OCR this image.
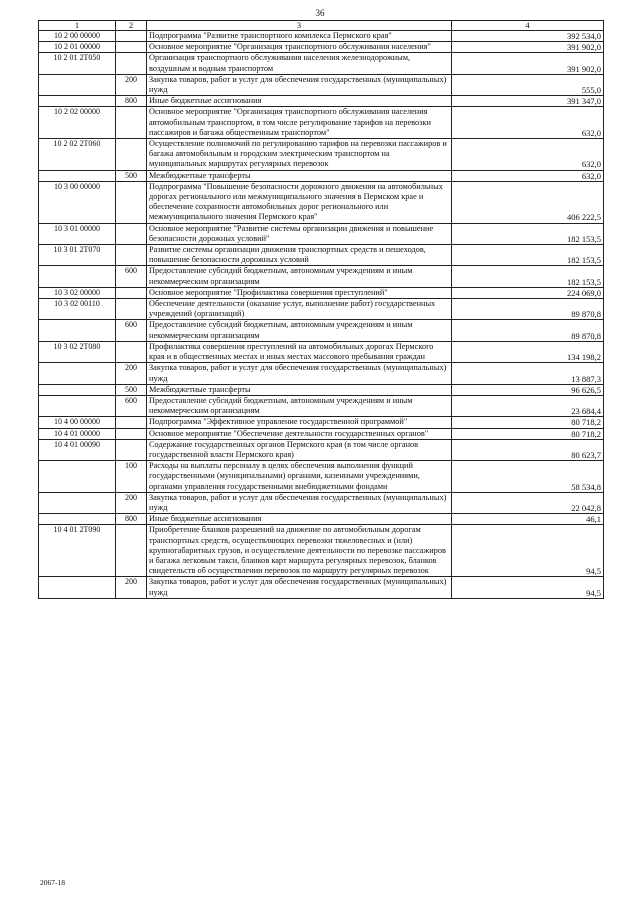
36
1	2	3	4
10 2 00 00000		Подпрограмма "Развитие транспортного комплекса Пермского края"	392 534,0
10 2 01 00000		Основное мероприятие "Организация транспортного обслуживания населения"	391 902,0
10 2 01 2Т050		Организация транспортного обслуживания населения железнодорожным, воздушным и водным транспортом	391 902,0
	200	Закупка товаров, работ и услуг для обеспечения государственных (муниципальных) нужд	555,0
	800	Иные бюджетные ассигнования	391 347,0
10 2 02 00000		Основное мероприятие "Организация транспортного обслуживания населения автомобильным транспортом, в том числе регулирование тарифов на перевозки пассажиров и багажа общественным транспортом"	632,0
10 2 02 2Т060		Осуществление полномочий по регулированию тарифов на перевозки пассажиров и багажа автомобильным и городским электрическим транспортом на муниципальных маршрутах регулярных перевозок	632,0
	500	Межбюджетные трансферты	632,0
10 3 00 00000		Подпрограмма "Повышение безопасности дорожного движения на автомобильных дорогах регионального или межмуниципального значения в Пермском крае и обеспечение сохранности автомобильных дорог регионального или межмуниципального значения Пермского края"	406 222,5
10 3 01 00000		Основное мероприятие "Развитие системы организации движения и повышение безопасности дорожных условий"	182 153,5
10 3 01 2Т070		Развитие системы организации движения транспортных средств и пешеходов, повышение безопасности дорожных условий	182 153,5
	600	Предоставление субсидий бюджетным, автономным учреждениям и иным некоммерческим организациям	182 153,5
10 3 02 00000		Основное мероприятие "Профилактика совершения преступлений"	224 069,0
10 3 02 00110		Обеспечение деятельности (оказание услуг, выполнение работ) государственных учреждений (организаций)	89 870,8
	600	Предоставление субсидий бюджетным, автономным учреждениям и иным некоммерческим организациям	89 870,8
10 3 02 2Т080		Профилактика совершения преступлений на автомобильных дорогах Пермского края и в общественных местах и иных местах массового пребывания граждан	134 198,2
	200	Закупка товаров, работ и услуг для обеспечения государственных (муниципальных) нужд	13 887,3
	500	Межбюджетные трансферты	96 626,5
	600	Предоставление субсидий бюджетным, автономным учреждениям и иным некоммерческим организациям	23 684,4
10 4 00 00000		Подпрограмма "Эффективное управление государственной программой"	80 718,2
10 4 01 00000		Основное мероприятие "Обеспечение деятельности государственных органов"	80 718,2
10 4 01 00090		Содержание государственных органов Пермского края (в том числе органов государственной власти Пермского края)	80 623,7
	100	Расходы на выплаты персоналу в целях обеспечения выполнения функций государственными (муниципальными) органами, казенными учреждениями, органами управления государственными внебюджетными фондами	58 534,8
	200	Закупка товаров, работ и услуг для обеспечения государственных (муниципальных) нужд	22 042,8
	800	Иные бюджетные ассигнования	46,1
10 4 01 2Т090		Приобретение бланков разрешений на движение по автомобильным дорогам транспортных средств, осуществляющих перевозки тяжеловесных и (или) крупногабаритных грузов, и осуществление деятельности по перевозке пассажиров и багажа легковым такси, бланков карт маршрута регулярных перевозок, бланков свидетельств об осуществлении перевозок по маршруту регулярных перевозок	94,5
	200	Закупка товаров, работ и услуг для обеспечения государственных (муниципальных) нужд	94,5
2067-18
